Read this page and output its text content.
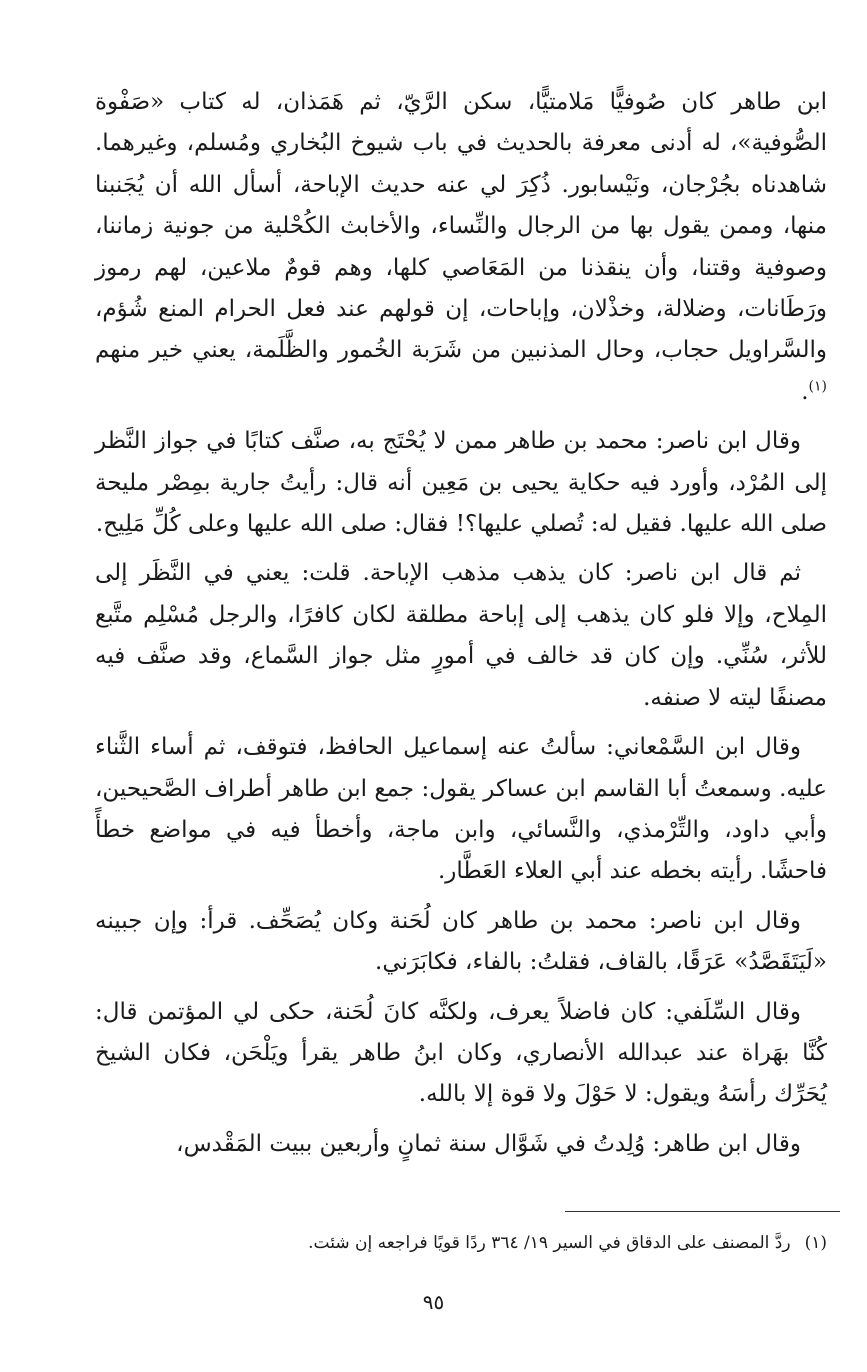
ابن طاهر كان صُوفيًّا مَلامتيًّا، سكن الرَّيّ، ثم هَمَذان، له كتاب «صَفْوة الصُّوفية»، له أدنى معرفة بالحديث في باب شيوخ البُخاري ومُسلم، وغيرهما. شاهدناه بجُرْجان، ونَيْسابور. ذُكِرَ لي عنه حديث الإباحة، أسأل الله أن يُجَنبنا منها، وممن يقول بها من الرجال والنِّساء، والأخابث الكُحْلية من جونية زماننا، وصوفية وقتنا، وأن ينقذنا من المَعَاصي كلها، وهم قومٌ ملاعين، لهم رموز ورَطَانات، وضلالة، وخذْلان، وإباحات، إن قولهم عند فعل الحرام المنع شُؤم، والسَّراويل حجاب، وحال المذنبين من شَرَبة الخُمور والظَّلَمة، يعني خير منهم $^{(١)}$.

وقال ابن ناصر: محمد بن طاهر ممن لا يُحْتَج به، صنَّف كتابًا في جواز النَّظر إلى المُرْد، وأورد فيه حكاية يحيى بن مَعِين أنه قال: رأيتُ جارية بمِصْر مليحة صلى الله عليها. فقيل له: تُصلي عليها؟! فقال: صلى الله عليها وعلى كُلِّ مَلِيح.

ثم قال ابن ناصر: كان يذهب مذهب الإباحة. قلت: يعني في النَّظَر إلى المِلاح، وإلا فلو كان يذهب إلى إباحة مطلقة لكان كافرًا، والرجل مُسْلِم متَّبع للأثر، سُنِّي. وإن كان قد خالف في أمورٍ مثل جواز السَّماع، وقد صنَّف فيه مصنفًا ليته لا صنفه.

وقال ابن السَّمْعاني: سألتُ عنه إسماعيل الحافظ، فتوقف، ثم أساء الثَّناء عليه. وسمعتُ أبا القاسم ابن عساكر يقول: جمع ابن طاهر أطراف الصَّحيحين، وأبي داود، والتِّرْمذي، والنَّسائي، وابن ماجة، وأخطأ فيه في مواضع خطأً فاحشًا. رأيته بخطه عند أبي العلاء العَطَّار.

وقال ابن ناصر: محمد بن طاهر كان لُحَنة وكان يُصَحِّف. قرأ: وإن جبينه «لَيَتَقَصَّدُ» عَرَقًا، بالقاف، فقلتُ: بالفاء، فكابَرَني.

وقال السِّلَفي: كان فاضلاً يعرف، ولكنَّه كانَ لُحَنة، حكى لي المؤتمن قال: كُنَّا بهَراة عند عبدالله الأنصاري، وكان ابنُ طاهر يقرأ ويَلْحَن، فكان الشيخ يُحَرِّك رأسَهُ ويقول: لا حَوْلَ ولا قوة إلا بالله.

وقال ابن طاهر: وُلِدتُ في شَوَّال سنة ثمانٍ وأربعين ببيت المَقْدس،

(١)ردَّ المصنف على الدقاق في السير ١٩/ ٣٦٤ ردًا قويًا فراجعه إن شئت.
٩٥
